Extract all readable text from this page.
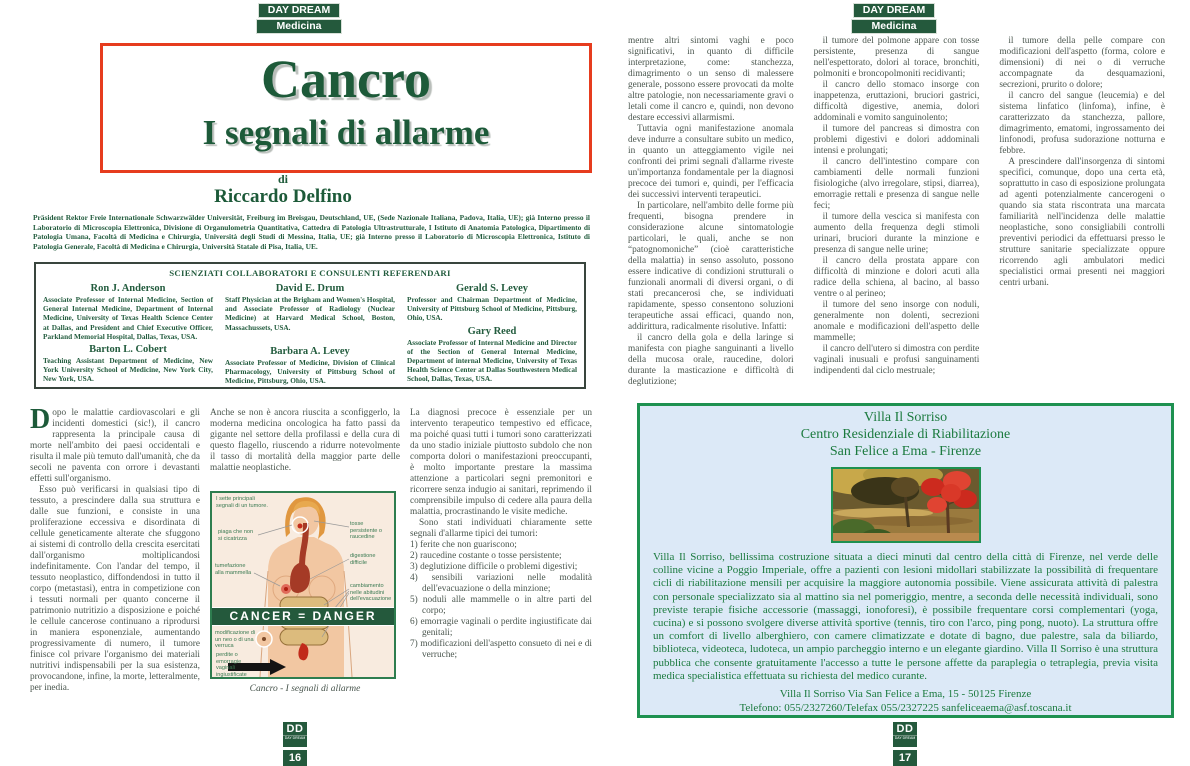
DAY DREAM
Medicina
Cancro
I segnali di allarme
di
Riccardo Delfino
Präsident Rektor Freie Internationale Schwarzwälder Universität, Freiburg im Breisgau, Deutschland, UE, (Sede Nazionale Italiana, Padova, Italia, UE); già Interno presso il Laboratorio di Microscopia Elettronica, Divisione di Organulometria Quantitativa, Cattedra di Patologia Ultrastrutturale, I Istituto di Anatomia Patologica, Dipartimento di Patologia Umana, Facoltà di Medicina e Chirurgia, Università degli Studi di Messina, Italia, UE; già Interno presso il Laboratorio di Microscopia Elettronica, Istituto di Patologia Generale, Facoltà di Medicina e Chirurgia, Università Statale di Pisa, Italia, UE.
SCIENZIATI COLLABORATORI E CONSULENTI REFERENDARI
Ron J. Anderson
Associate Professor of Internal Medicine, Section of General Internal Medicine, Department of Internal Medicine, University of Texas Health Science Center at Dallas, and President and Chief Executive Officer, Parkland Memorial Hospital, Dallas, Texas, USA.
Barton L. Cobert
Teaching Assistant Department of Medicine, New York University School of Medicine, New York City, New York, USA.
David E. Drum
Staff Physician at the Brigham and Women's Hospital, and Associate Professor of Radiology (Nuclear Medicine) at Harvard Medical School, Boston, Massachussets, USA.
Barbara A. Levey
Associate Professor of Medicine, Division of Clinical Pharmacology, University of Pittsburg School of Medicine, Pittsburg, Ohio, USA.
Gerald S. Levey
Professor and Chairman Department of Medicine, University of Pittsburg School of Medicine, Pittsburg, Ohio, USA.
Gary Reed
Associate Professor of Internal Medicine and Director of the Section of General Internal Medicine, Department of internal Medicine, University of Texas Health Science Center at Dallas Southwestern Medical School, Dallas, Texas, USA.

Dopo le malattie cardiovascolari e gli incidenti domestici (sic!), il cancro rappresenta la principale causa di morte nell'ambito dei paesi occidentali e risulta il male più temuto dall'umanità, che da secoli ne paventa con orrore i devastanti effetti sull'organismo.

Esso può verificarsi in qualsiasi tipo di tessuto, a prescindere dalla sua struttura e dalle sue funzioni, e consiste in una proliferazione eccessiva e disordinata di cellule geneticamente alterate che sfuggono ai sistemi di controllo della crescita esercitati dall'organismo moltiplicandosi indefinitamente. Con l'andar del tempo, il tessuto neoplastico, diffondendosi in tutto il corpo (metastasi), entra in competizione con i tessuti normali per quanto concerne il patrimonio nutritizio a disposizione e poiché le cellule cancerose continuano a riprodursi in maniera esponenziale, aumentando progressivamente di numero, il tumore finisce col privare l'organismo dei materiali nutritivi indispensabili per la sua esistenza, provocandone, infine, la morte, letteralmente, per inedia.

Anche se non è ancora riuscita a sconfiggerlo, la moderna medicina oncologica ha fatto passi da gigante nel settore della profilassi e della cura di questo flagello, riuscendo a ridurre notevolmente il tasso di mortalità della maggior parte delle malattie neoplastiche.

I sette principali segnali di un tumore.
piaga che non si cicatrizza
tumefazione alla mammella
tosse persistente o raucedine
digestione difficile
cambiamento nelle abitudini dell'evacuazione
modificazione di un neo o di una verruca
perdite o emorragie vaginali ingiustificate
CANCER = DANGER
Cancro - I segnali di allarme

La diagnosi precoce è essenziale per un intervento terapeutico tempestivo ed efficace, ma poiché quasi tutti i tumori sono caratterizzati da uno stadio iniziale piuttosto subdolo che non comporta dolori o manifestazioni preoccupanti, è molto importante prestare la massima attenzione a particolari segni premonitori e ricorrere senza indugio ai sanitari, reprimendo il comprensibile impulso di cedere alla paura della malattia, procrastinando le visite mediche.

Sono stati individuati chiaramente sette segnali d'allarme tipici dei tumori:

1) ferite che non guariscono;

2) raucedine costante o tosse persistente;

3) deglutizione difficile o problemi digestivi;

4) sensibili variazioni nelle modalità dell'evacuazione o della minzione;

5) noduli alle mammelle o in altre parti del corpo;

6) emorragie vaginali o perdite ingiustificate dai genitali;

7) modificazioni dell'aspetto consueto di nei e di verruche;

DD
DAY DREAM
16
DAY DREAM
Medicina

mentre altri sintomi vaghi e poco significativi, in quanto di difficile interpretazione, come: stanchezza, dimagrimento o un senso di malessere generale, possono essere provocati da molte altre patologie, non necessariamente gravi o letali come il cancro e, quindi, non devono destare eccessivi allarmismi.

Tuttavia ogni manifestazione anomala deve indurre a consultare subito un medico, in quanto un atteggiamento vigile nei confronti dei primi segnali d'allarme riveste un'importanza fondamentale per la diagnosi precoce dei tumori e, quindi, per l'efficacia dei successivi interventi terapeutici.

In particolare, nell'ambito delle forme più frequenti, bisogna prendere in considerazione alcune sintomatologie particolari, le quali, anche se non “patognomoniche” (cioè caratteristiche della malattia) in senso assoluto, possono essere indicative di condizioni strutturali o funzionali anormali di diversi organi, o di stati precancerosi che, se individuati rapidamente, spesso consentono soluzioni terapeutiche assai efficaci, quando non, addirittura, radicalmente risolutive. Infatti:

il cancro della gola e della laringe si manifesta con piaghe sanguinanti a livello della mucosa orale, raucedine, dolori durante la masticazione e difficoltà di deglutizione;

il tumore del polmone appare con tosse persistente, presenza di sangue nell'espettorato, dolori al torace, bronchiti, polmoniti e broncopolmoniti recidivanti;

il cancro dello stomaco insorge con inappetenza, eruttazioni, bruciori gastrici, difficoltà digestive, anemia, dolori addominali e vomito sanguinolento;

il tumore del pancreas si dimostra con problemi digestivi e dolori addominali intensi e prolungati;

il cancro dell'intestino compare con cambiamenti delle normali funzioni fisiologiche (alvo irregolare, stipsi, diarrea), emorragie rettali e presenza di sangue nelle feci;

il tumore della vescica si manifesta con aumento della frequenza degli stimoli urinari, bruciori durante la minzione e presenza di sangue nelle urine;

il cancro della prostata appare con difficoltà di minzione e dolori acuti alla radice della schiena, al bacino, al basso ventre o al perineo;

il tumore del seno insorge con noduli, generalmente non dolenti, secrezioni anomale e modificazioni dell'aspetto delle mammelle;

il cancro dell'utero si dimostra con perdite vaginali inusuali e profusi sanguinamenti indipendenti dal ciclo mestruale;

il tumore della pelle compare con modificazioni dell'aspetto (forma, colore e dimensioni) di nei o di verruche accompagnate da desquamazioni, secrezioni, prurito o dolore;

il cancro del sangue (leucemia) e del sistema linfatico (linfoma), infine, è caratterizzato da stanchezza, pallore, dimagrimento, ematomi, ingrossamento dei linfonodi, profusa sudorazione notturna e febbre.

A prescindere dall'insorgenza di sintomi specifici, comunque, dopo una certa età, soprattutto in caso di esposizione prolungata ad agenti potenzialmente cancerogeni o quando sia stata riscontrata una marcata familiarità nell'incidenza delle malattie neoplastiche, sono consigliabili controlli preventivi periodici da effettuarsi presso le strutture sanitarie specializzate oppure ricorrendo agli ambulatori medici specialistici ormai presenti nei maggiori centri urbani.

Villa Il Sorriso
Centro Residenziale di Riabilitazione
San Felice a Ema - Firenze
Villa Il Sorriso, bellissima costruzione situata a dieci minuti dal centro della città di Firenze, nel verde delle colline vicine a Poggio Imperiale, offre a pazienti con lesioni midollari stabilizzate la possibilità di frequentare cicli di riabilitazione mensili per acquisire la maggiore autonomia possibile. Viene assicurata attività di palestra con personale specializzato sia al mattino sia nel pomeriggio, mentre, a seconda delle necessità individuali, sono previste terapie fisiche accessorie (massaggi, ionoforesi), è possibile frequentare corsi complementari (yoga, cucina) e si possono svolgere diverse attività sportive (tennis, tiro con l'arco, ping pong, nuoto). La struttura offre un comfort di livello alberghiero, con camere climatizzate e dotate di bagno, due palestre, sala da biliardo, biblioteca, videoteca, ludoteca, un ampio parcheggio interno e un elegante giardino. Villa Il Sorriso è una struttura pubblica che consente gratuitamente l'accesso a tutte le persone affette da paraplegia o tetraplegia, previa visita medica specialistica effettuata su richiesta del medico curante.
Villa Il Sorriso Via San Felice a Ema, 15 - 50125 Firenze
Telefono: 055/2327260/Telefax 055/2327225 sanfeliceaema@asf.toscana.it
DD
DAY DREAM
17
